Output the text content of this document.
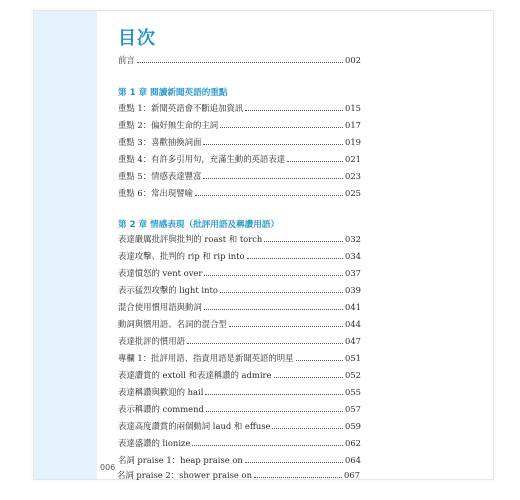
目次
前言	002
第 1 章 閱讀新聞英語的重點
重點 1：新聞英語會不斷追加資訊	015
重點 2：偏好無生命的主詞	017
重點 3：喜歡抽換詞面	019
重點 4：有許多引用句，充滿生動的英語表達	021
重點 5：情感表達豐富	023
重點 6：常出現譬喻	025
第 2 章 情感表現（批評用語及稱讚用語）
表達嚴厲批評與批判的 roast 和 torch	032
表達攻擊、批判的 rip 和 rip into	034
表達憤怒的 vent over	037
表示猛烈攻擊的 light into	039
混合使用慣用語與動詞	041
動詞與慣用語、名詞的混合型	044
表達批評的慣用語	047
專欄 1：批評用語、指責用語是新聞英語的明星	051
表達讚賞的 extoll 和表達稱讚的 admire	052
表達稱讚與歡迎的 hail	055
表示稱讚的 commend	057
表達高度讚賞的兩個動詞 laud 和 effuse	059
表達盛讚的 lionize	062
名詞 praise 1：heap praise on	064
006
名詞 praise 2：shower praise on	067
